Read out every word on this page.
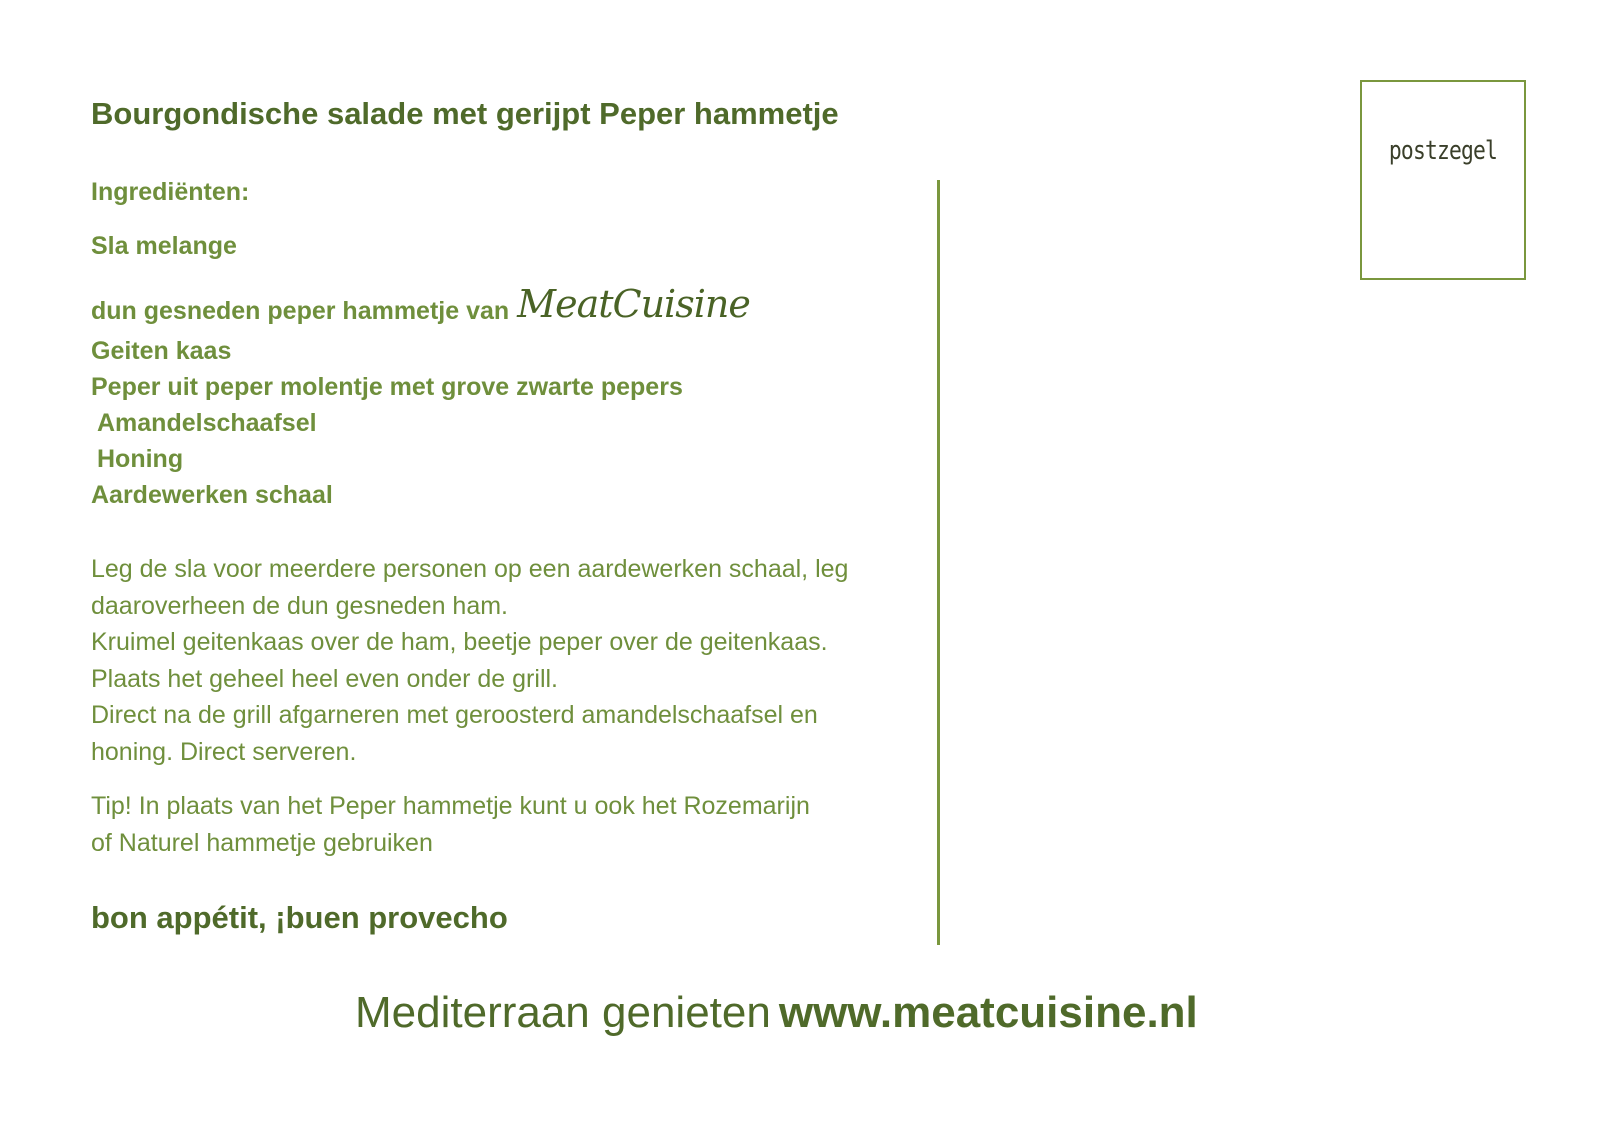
Bourgondische salade met gerijpt Peper hammetje
Ingrediënten:
Sla melange
dun gesneden peper hammetje van MeatCuisine
Geiten kaas
Peper uit peper molentje met grove zwarte pepers
Amandelschaafsel
Honing
Aardewerken schaal
Leg de sla voor meerdere personen op een aardewerken schaal, leg
daaroverheen de dun gesneden ham.
Kruimel geitenkaas over de ham, beetje peper over de geitenkaas.
Plaats het geheel heel even onder de grill.
Direct na de grill afgarneren met geroosterd amandelschaafsel en
honing. Direct serveren.
Tip! In plaats van het Peper hammetje kunt u ook het Rozemarijn
of Naturel hammetje gebruiken
bon appétit, ¡buen provecho
postzegel
Mediterraan genieten www.meatcuisine.nl
